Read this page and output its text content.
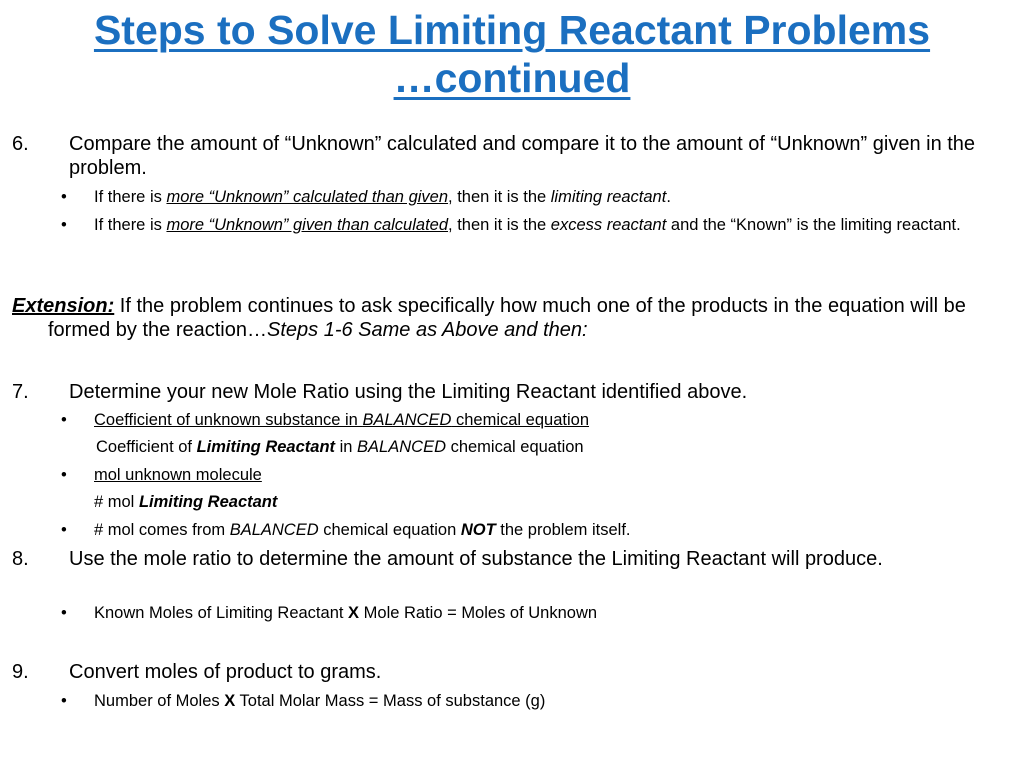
Steps to Solve Limiting Reactant Problems
…continued
6. Compare the amount of “Unknown” calculated and compare it to the amount of “Unknown” given in the problem.
• If there is more “Unknown” calculated than given, then it is the limiting reactant.
• If there is more “Unknown” given than calculated, then it is the excess reactant and the “Known” is the limiting reactant.
Extension: If the problem continues to ask specifically how much one of the products in the equation will be formed by the reaction…Steps 1-6 Same as Above and then:
7. Determine your new Mole Ratio using the Limiting Reactant identified above.
• Coefficient of unknown substance in BALANCED chemical equation
Coefficient of Limiting Reactant in BALANCED chemical equation
• mol unknown molecule
# mol Limiting Reactant
• # mol comes from BALANCED chemical equation NOT the problem itself.
8. Use the mole ratio to determine the amount of substance the Limiting Reactant will produce.
• Known Moles of Limiting Reactant X Mole Ratio = Moles of Unknown
9. Convert moles of product to grams.
• Number of Moles X Total Molar Mass = Mass of substance (g)
